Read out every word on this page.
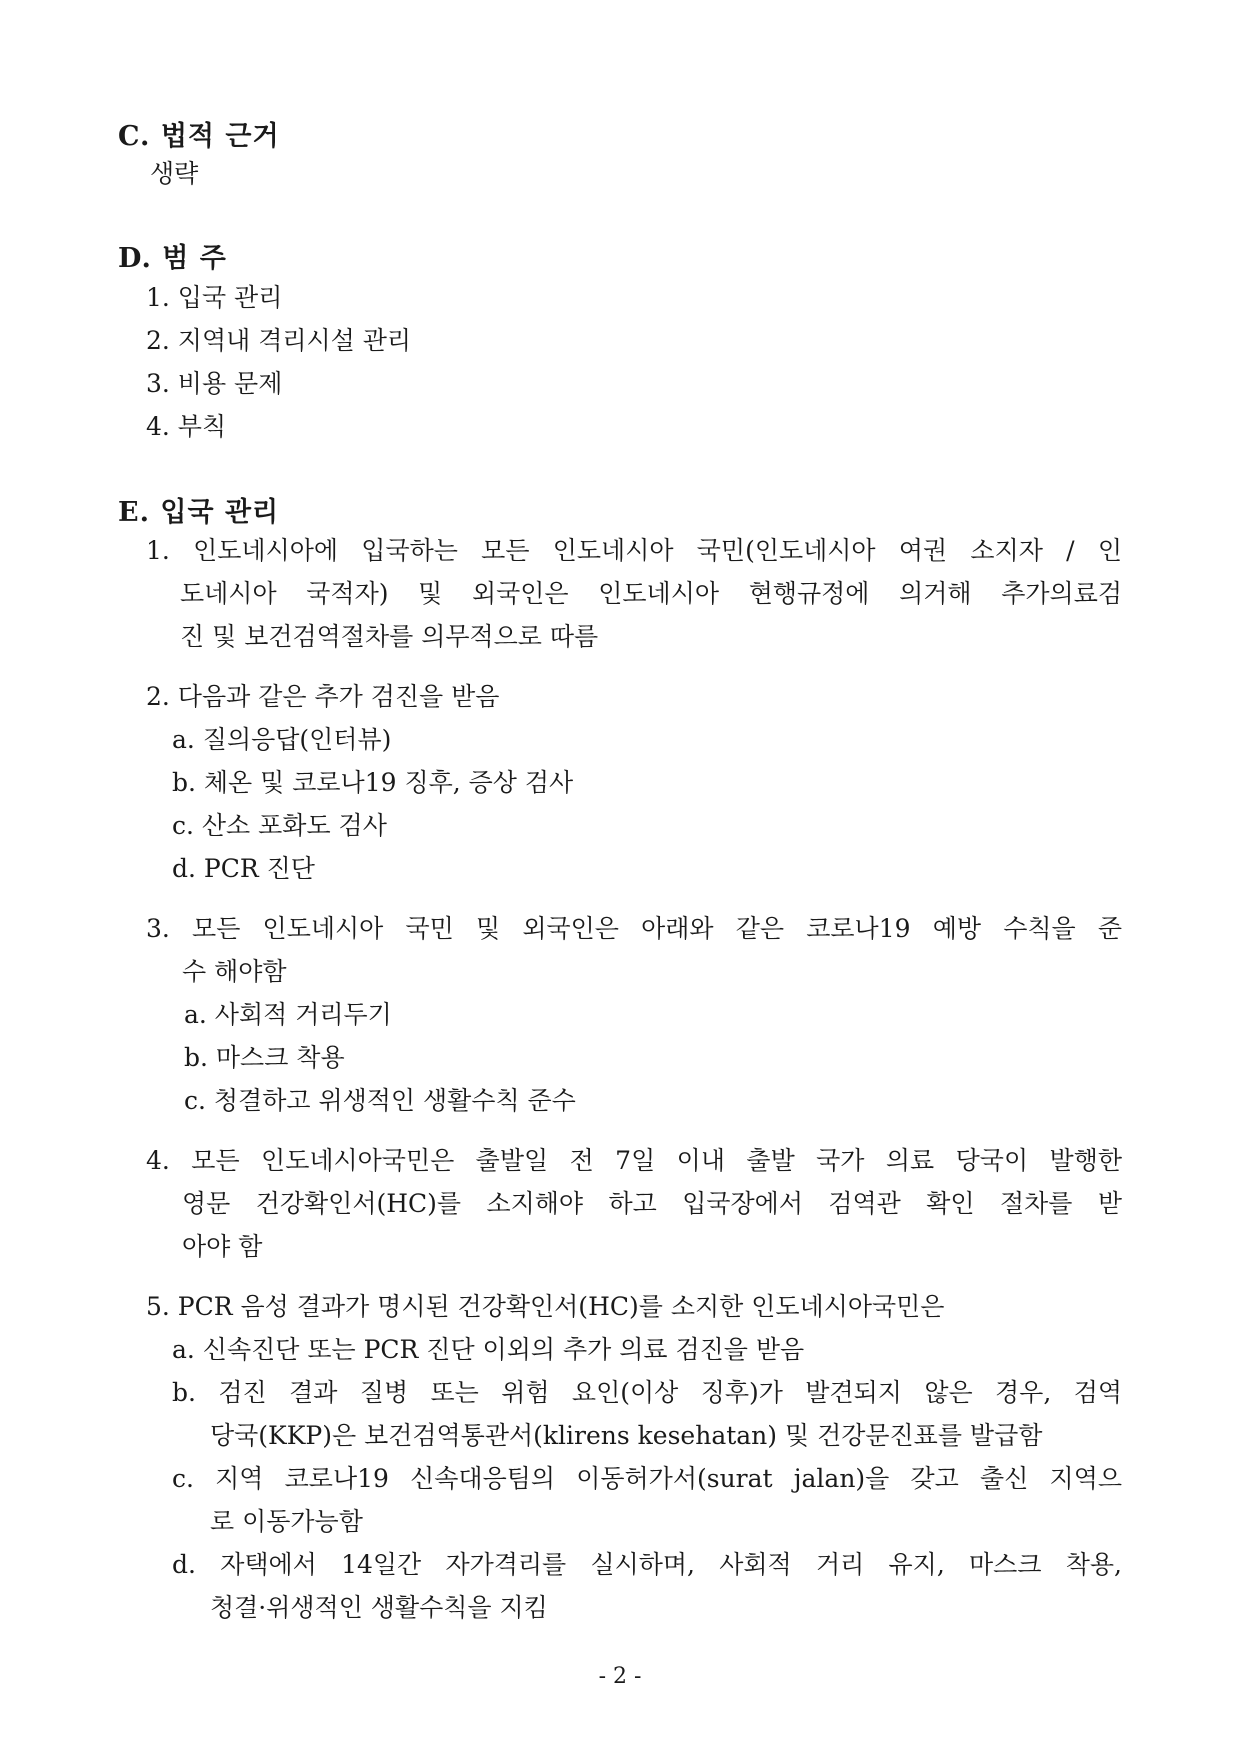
C. 법적 근거
생략
D. 범 주
1. 입국 관리
2. 지역내 격리시설 관리
3. 비용 문제
4. 부칙
E. 입국 관리
1. 인도네시아에 입국하는 모든 인도네시아 국민(인도네시아 여권 소지자 / 인
도네시아 국적자) 및 외국인은 인도네시아 현행규정에 의거해 추가의료검
진 및 보건검역절차를 의무적으로 따름
2. 다음과 같은 추가 검진을 받음
a. 질의응답(인터뷰)
b. 체온 및 코로나19 징후, 증상 검사
c. 산소 포화도 검사
d. PCR 진단
3. 모든 인도네시아 국민 및 외국인은 아래와 같은 코로나19 예방 수칙을 준
수 해야함
a. 사회적 거리두기
b. 마스크 착용
c. 청결하고 위생적인 생활수칙 준수
4. 모든 인도네시아국민은 출발일 전 7일 이내 출발 국가 의료 당국이 발행한
영문 건강확인서(HC)를 소지해야 하고 입국장에서 검역관 확인 절차를 받
아야 함
5. PCR 음성 결과가 명시된 건강확인서(HC)를 소지한 인도네시아국민은
a. 신속진단 또는 PCR 진단 이외의 추가 의료 검진을 받음
b. 검진 결과 질병 또는 위험 요인(이상 징후)가 발견되지 않은 경우, 검역
당국(KKP)은 보건검역통관서(klirens kesehatan) 및 건강문진표를 발급함
c. 지역 코로나19 신속대응팀의 이동허가서(surat jalan)을 갖고 출신 지역으
로 이동가능함
d. 자택에서 14일간 자가격리를 실시하며, 사회적 거리 유지, 마스크 착용,
청결·위생적인 생활수칙을 지킴
- 2 -
